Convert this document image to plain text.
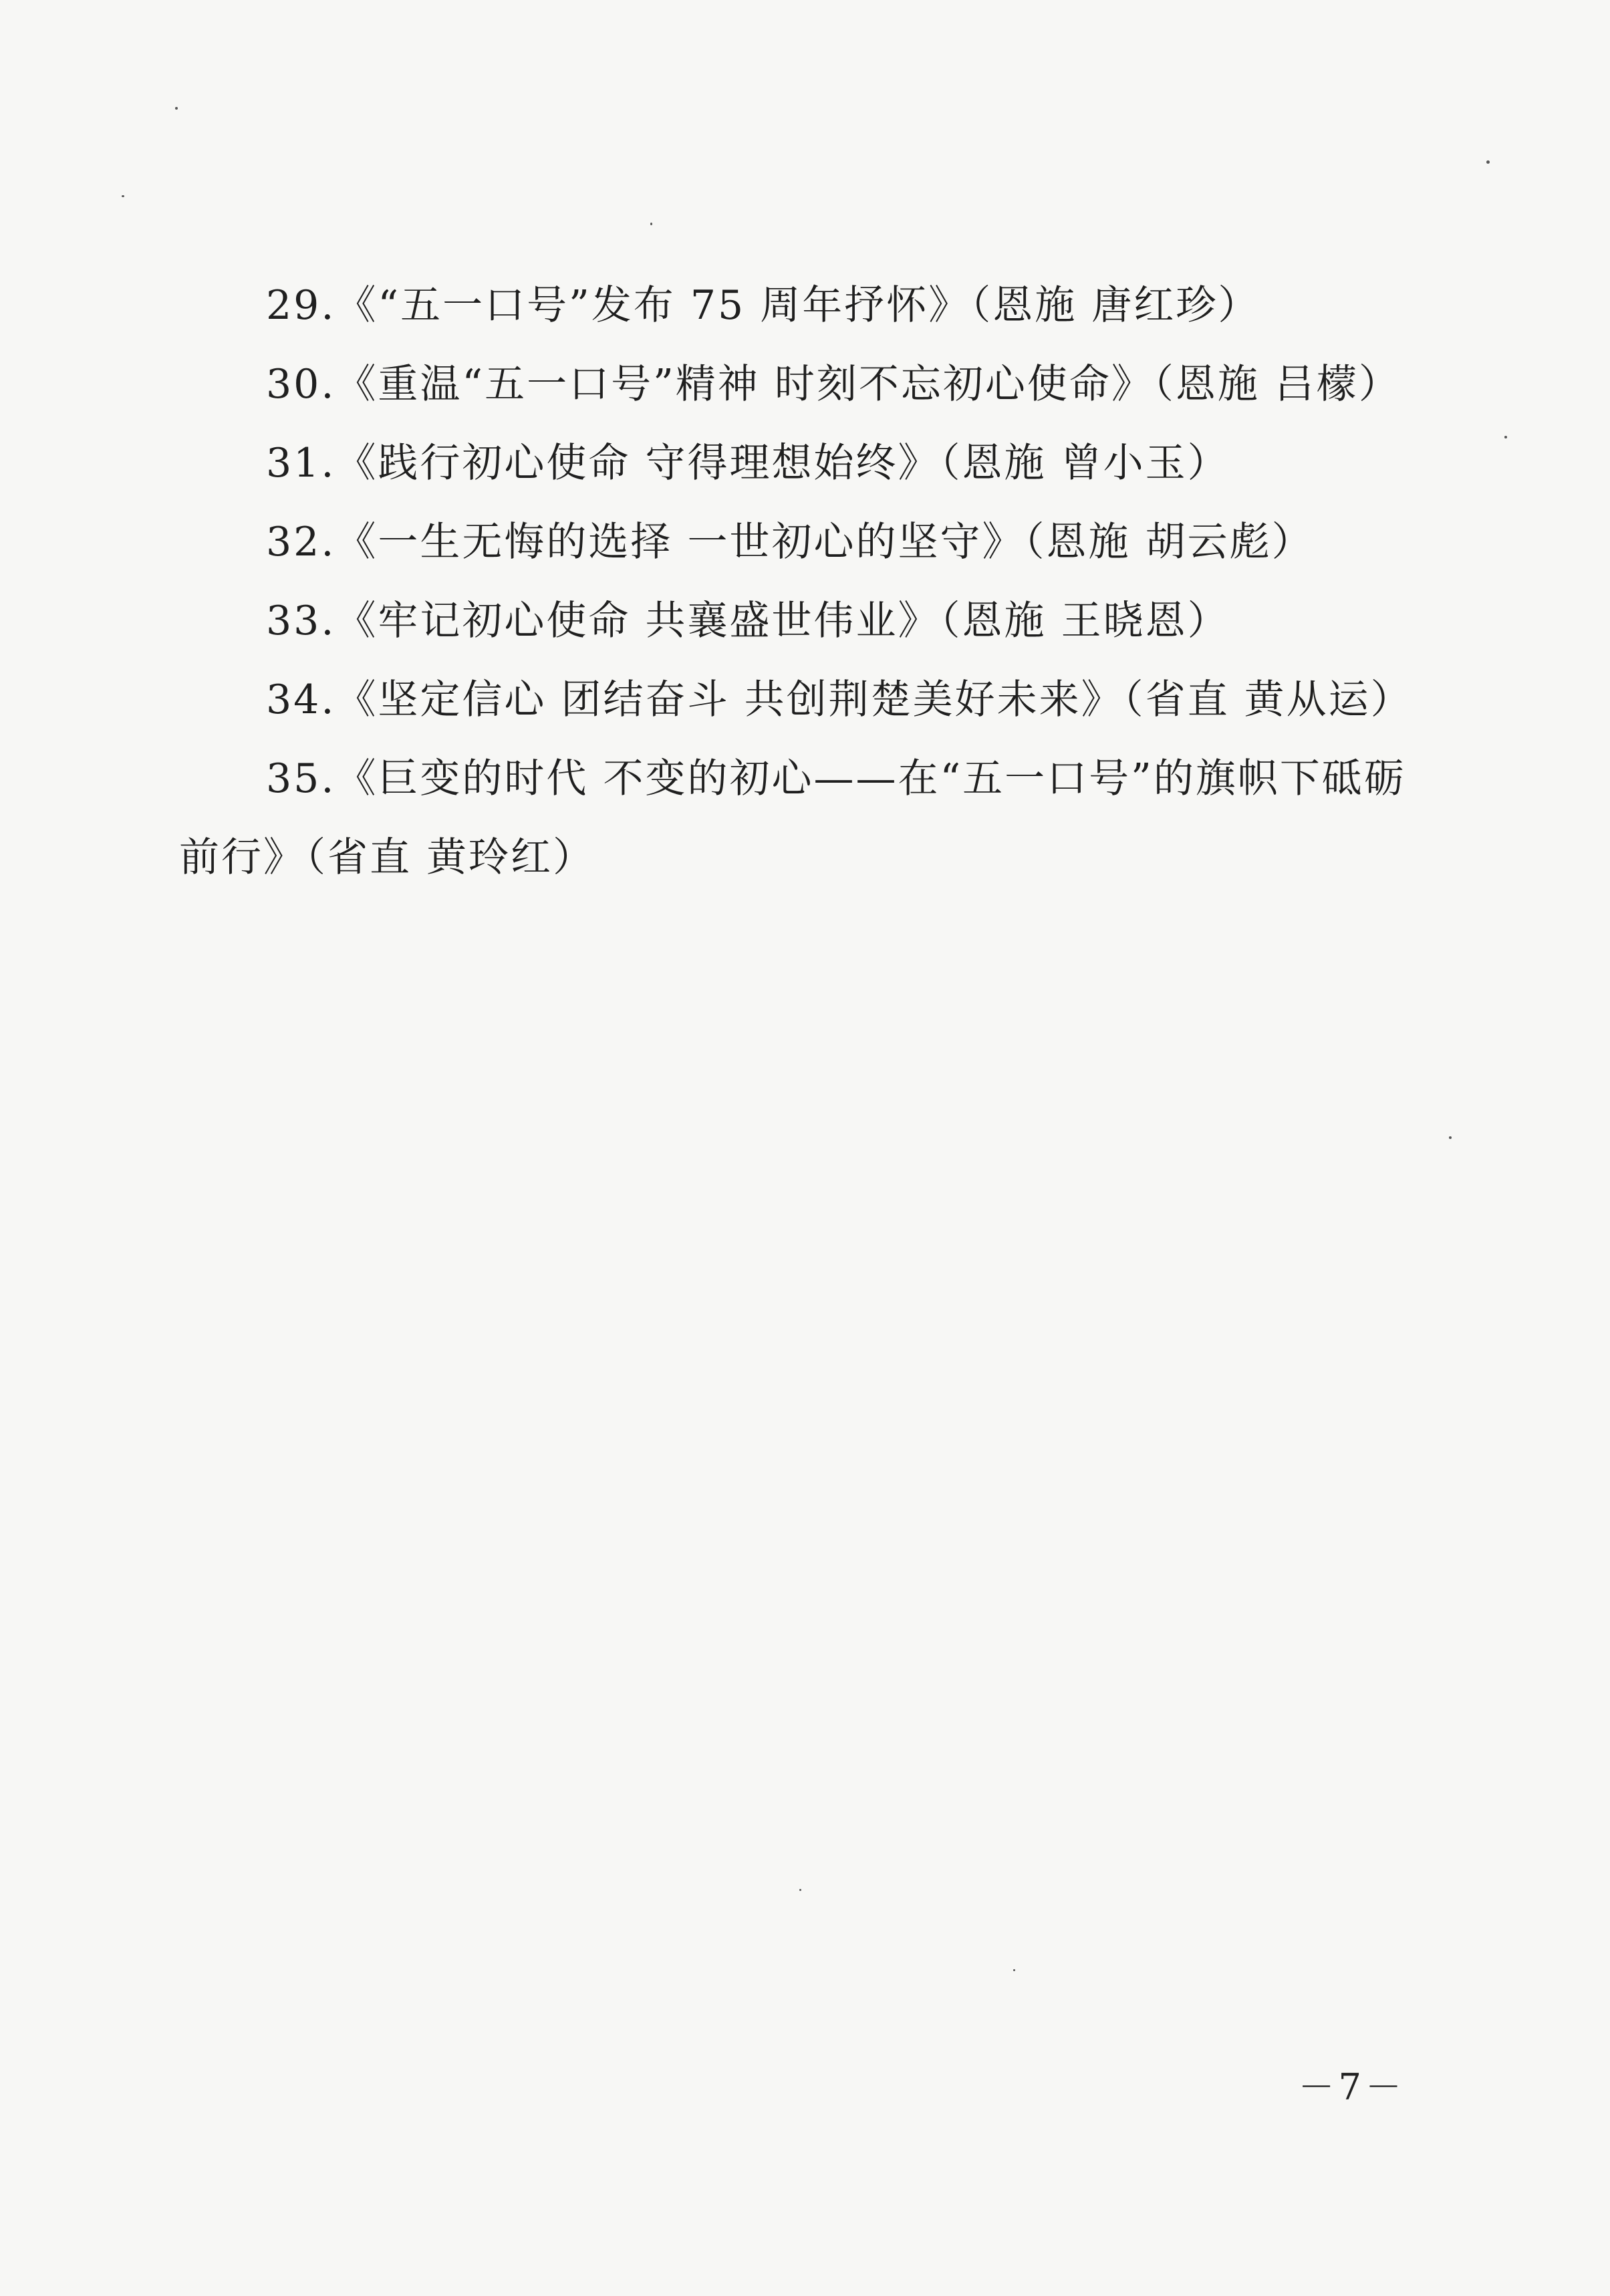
29.《“五一口号”发布 75 周年抒怀》（恩施 唐红珍）

30.《重温“五一口号”精神 时刻不忘初心使命》（恩施 吕檬）

31.《践行初心使命 守得理想始终》（恩施 曾小玉）

32.《一生无悔的选择 一世初心的坚守》（恩施 胡云彪）

33.《牢记初心使命 共襄盛世伟业》（恩施 王晓恩）

34.《坚定信心 团结奋斗 共创荆楚美好未来》（省直 黄从运）

35.《巨变的时代 不变的初心——在“五一口号”的旗帜下砥砺前行》（省直 黄玲红）

－7－
